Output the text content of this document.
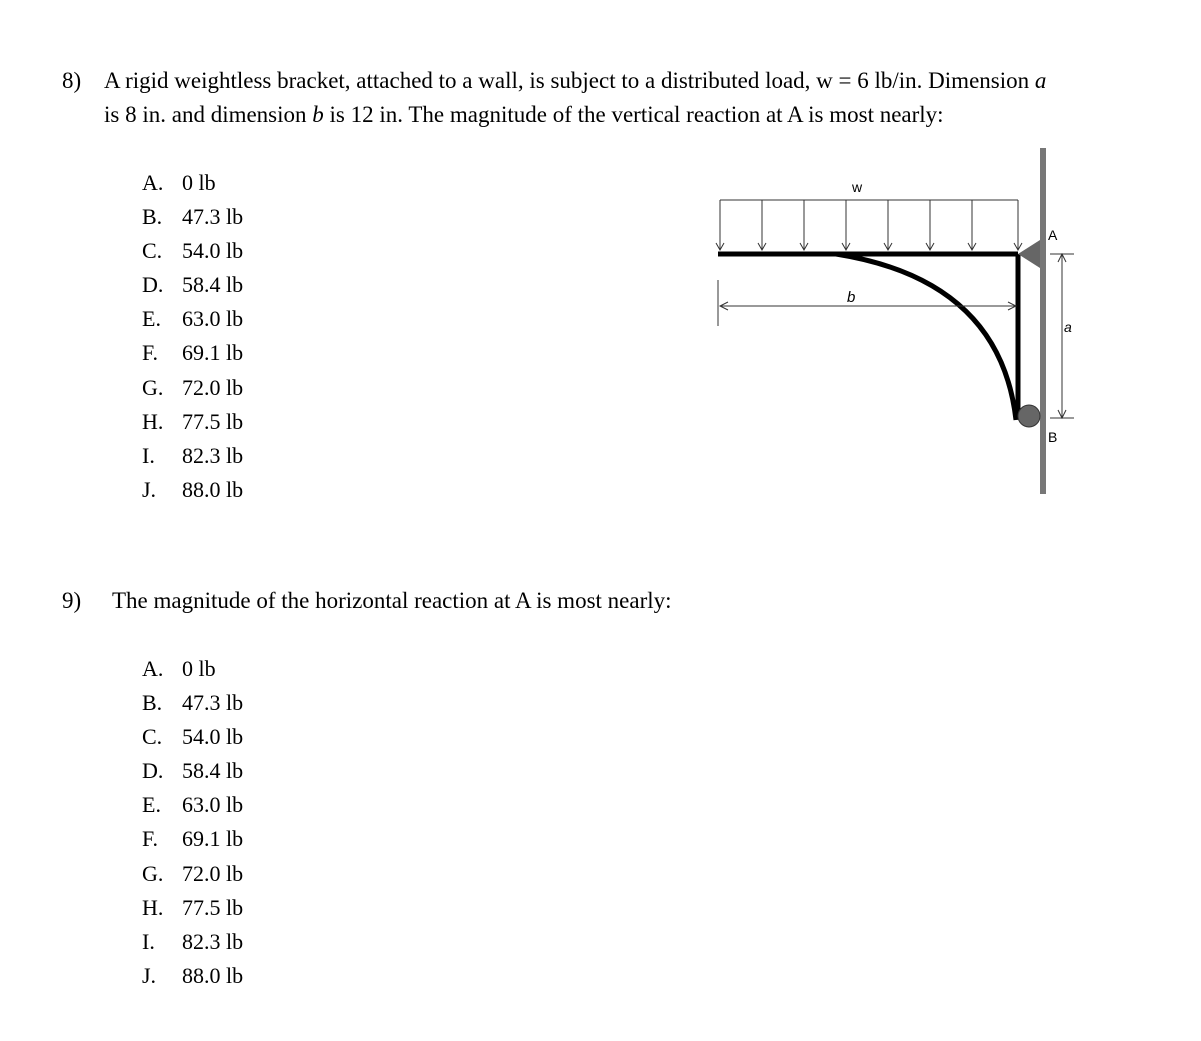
8) A rigid weightless bracket, attached to a wall, is subject to a distributed load, w = 6 lb/in. Dimension a
is 8 in. and dimension b is 12 in. The magnitude of the vertical reaction at A is most nearly:
A. 0 lb
B. 47.3 lb
C. 54.0 lb
D. 58.4 lb
E. 63.0 lb
F. 69.1 lb
G. 72.0 lb
H. 77.5 lb
I. 82.3 lb
J. 88.0 lb
w
A
B
b
a
9) The magnitude of the horizontal reaction at A is most nearly:
A. 0 lb
B. 47.3 lb
C. 54.0 lb
D. 58.4 lb
E. 63.0 lb
F. 69.1 lb
G. 72.0 lb
H. 77.5 lb
I. 82.3 lb
J. 88.0 lb
